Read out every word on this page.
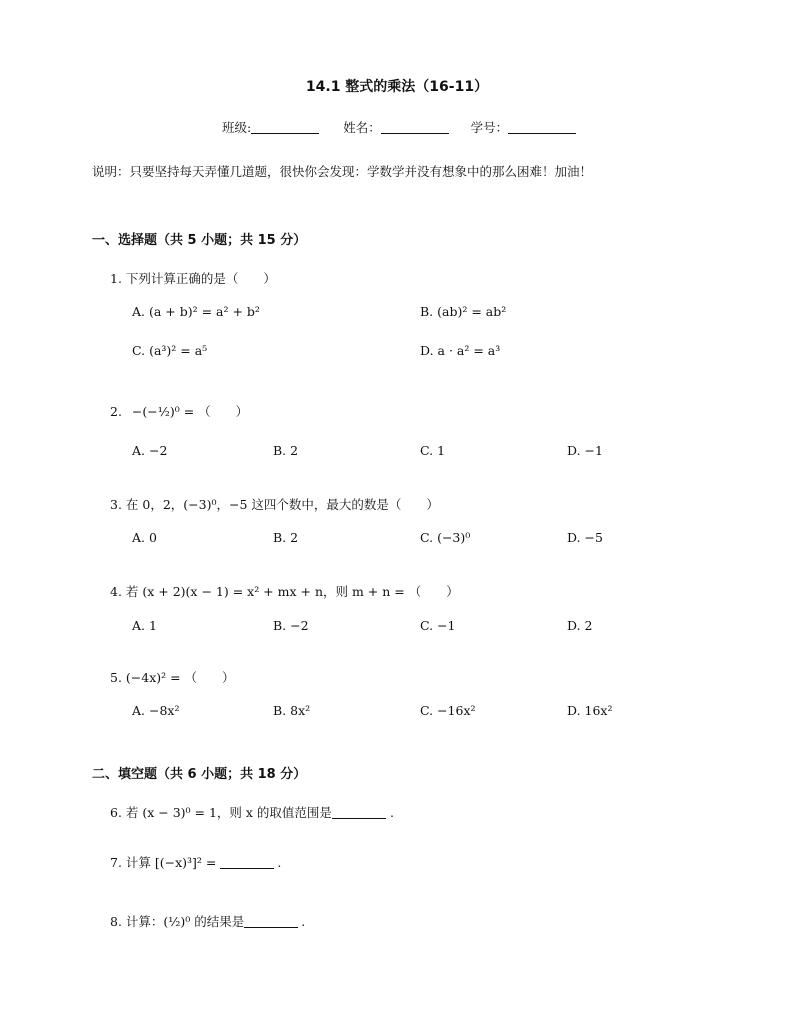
14.1 整式的乘法（16-11）
班级:	姓名：	学号：
说明：只要坚持每天弄懂几道题，很快你会发现：学数学并没有想象中的那么困难！加油！
一、选择题（共 5 小题；共 15 分）
1. 下列计算正确的是（　　）
A. (a + b)² = a² + b²	B. (ab)² = ab²
C. (a³)² = a⁵	D. a · a² = a³
2. −(−½)⁰ = （　　）
A. −2	B. 2	C. 1	D. −1
3. 在 0，2，(−3)⁰，−5 这四个数中，最大的数是（　　）
A. 0	B. 2	C. (−3)⁰	D. −5
4. 若 (x + 2)(x − 1) = x² + mx + n，则 m + n = （　　）
A. 1	B. −2	C. −1	D. 2
5. (−4x)² = （　　）
A. −8x²	B. 8x²	C. −16x²	D. 16x²
二、填空题（共 6 小题；共 18 分）
6. 若 (x − 3)⁰ = 1，则 x 的取值范围是	.
7. 计算 [(−x)³]² =	.
8. 计算：(½)⁰ 的结果是	.
